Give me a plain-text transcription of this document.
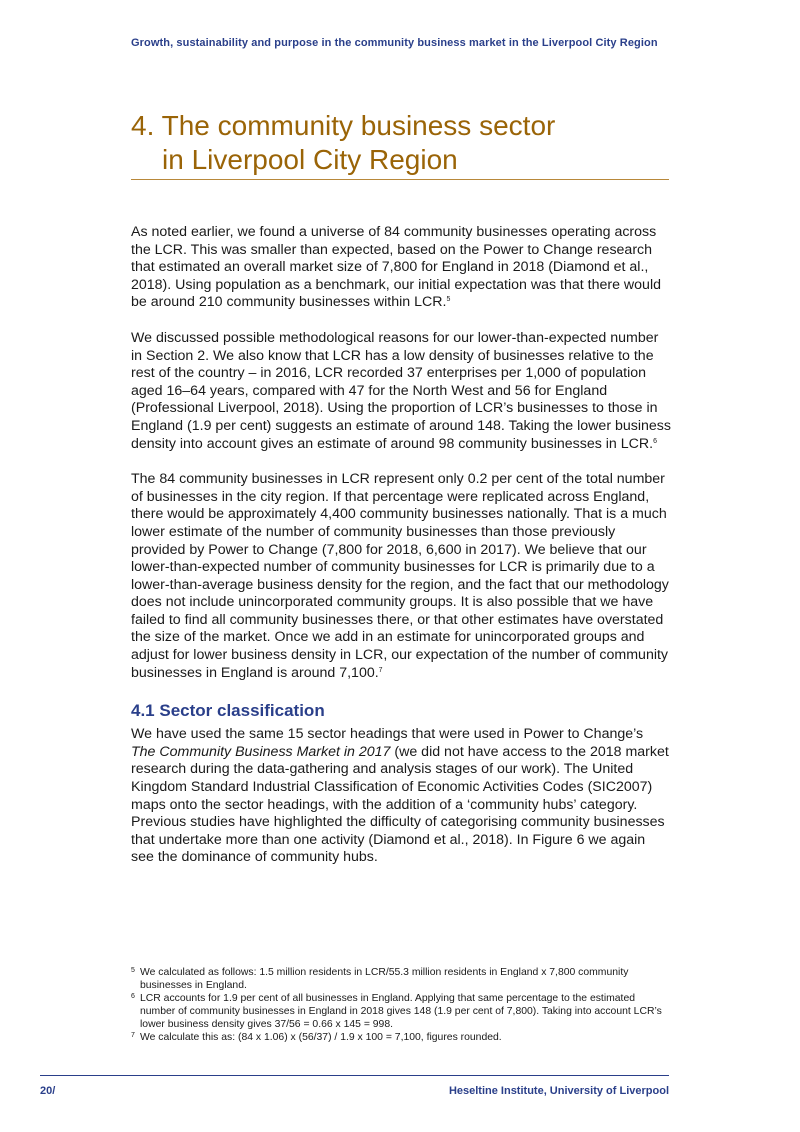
Growth, sustainability and purpose in the community business market in the Liverpool City Region
4. The community business sector
in Liverpool City Region

As noted earlier, we found a universe of 84 community businesses operating across the LCR. This was smaller than expected, based on the Power to Change research that estimated an overall market size of 7,800 for England in 2018 (Diamond et al., 2018). Using population as a benchmark, our initial expectation was that there would be around 210 community businesses within LCR.$^5$

We discussed possible methodological reasons for our lower-than-expected number in Section 2. We also know that LCR has a low density of businesses relative to the rest of the country – in 2016, LCR recorded 37 enterprises per 1,000 of population aged 16–64 years, compared with 47 for the North West and 56 for England (Professional Liverpool, 2018). Using the proportion of LCR’s businesses to those in England (1.9 per cent) suggests an estimate of around 148. Taking the lower business density into account gives an estimate of around 98 community businesses in LCR.$^6$

The 84 community businesses in LCR represent only 0.2 per cent of the total number of businesses in the city region. If that percentage were replicated across England, there would be approximately 4,400 community businesses nationally. That is a much lower estimate of the number of community businesses than those previously provided by Power to Change (7,800 for 2018, 6,600 in 2017). We believe that our lower-than-expected number of community businesses for LCR is primarily due to a lower-than-average business density for the region, and the fact that our methodology does not include unincorporated community groups. It is also possible that we have failed to find all community businesses there, or that other estimates have overstated the size of the market. Once we add in an estimate for unincorporated groups and adjust for lower business density in LCR, our expectation of the number of community businesses in England is around 7,100.$^7$

4.1 Sector classification

We have used the same 15 sector headings that were used in Power to Change’s The Community Business Market in 2017 (we did not have access to the 2018 market research during the data-gathering and analysis stages of our work). The United Kingdom Standard Industrial Classification of Economic Activities Codes (SIC2007) maps onto the sector headings, with the addition of a ‘community hubs’ category. Previous studies have highlighted the difficulty of categorising community businesses that undertake more than one activity (Diamond et al., 2018). In Figure 6 we again see the dominance of community hubs.

5 We calculated as follows: 1.5 million residents in LCR/55.3 million residents in England x 7,800 community businesses in England.

6 LCR accounts for 1.9 per cent of all businesses in England. Applying that same percentage to the estimated number of community businesses in England in 2018 gives 148 (1.9 per cent of 7,800). Taking into account LCR’s lower business density gives 37/56 = 0.66 x 145 = 998.

7 We calculate this as: (84 x 1.06) x (56/37) / 1.9 x 100 = 7,100, figures rounded.

20/	Heseltine Institute, University of Liverpool
